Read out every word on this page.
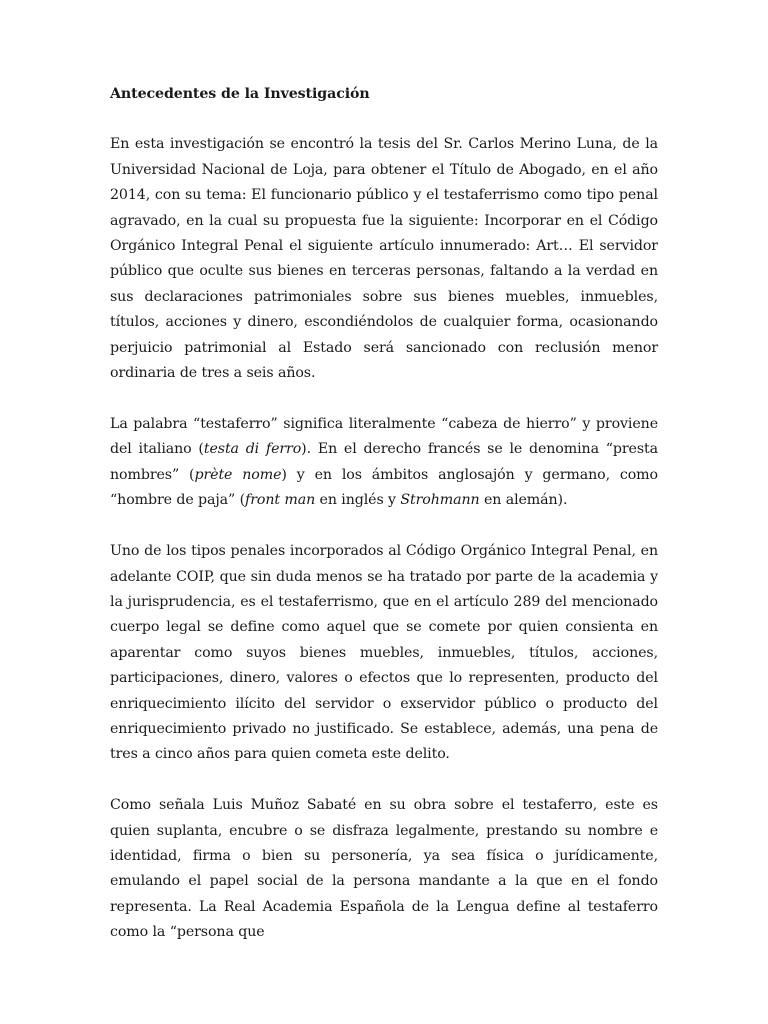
Antecedentes de la Investigación

En esta investigación se encontró la tesis del Sr. Carlos Merino Luna, de la Universidad Nacional de Loja, para obtener el Título de Abogado, en el año 2014, con su tema: El funcionario público y el testaferrismo como tipo penal agravado, en la cual su propuesta fue la siguiente: Incorporar en el Código Orgánico Integral Penal el siguiente artículo innumerado: Art… El servidor público que oculte sus bienes en terceras personas, faltando a la verdad en sus declaraciones patrimoniales sobre sus bienes muebles, inmuebles, títulos, acciones y dinero, escondiéndolos de cualquier forma, ocasionando perjuicio patrimonial al Estado será sancionado con reclusión menor ordinaria de tres a seis años.

La palabra “testaferro” significa literalmente “cabeza de hierro” y proviene del italiano (testa di ferro). En el derecho francés se le denomina “presta nombres” (prète nome) y en los ámbitos anglosajón y germano, como “hombre de paja” (front man en inglés y Strohmann en alemán).

Uno de los tipos penales incorporados al Código Orgánico Integral Penal, en adelante COIP, que sin duda menos se ha tratado por parte de la academia y la jurisprudencia, es el testaferrismo, que en el artículo 289 del mencionado cuerpo legal se define como aquel que se comete por quien consienta en aparentar como suyos bienes muebles, inmuebles, títulos, acciones, participaciones, dinero, valores o efectos que lo representen, producto del enriquecimiento ilícito del servidor o exservidor público o producto del enriquecimiento privado no justificado. Se establece, además, una pena de tres a cinco años para quien cometa este delito.

Como señala Luis Muñoz Sabaté en su obra sobre el testaferro, este es quien suplanta, encubre o se disfraza legalmente, prestando su nombre e identidad, firma o bien su personería, ya sea física o jurídicamente, emulando el papel social de la persona mandante a la que en el fondo representa. La Real Academia Española de la Lengua define al testaferro como la “persona que
